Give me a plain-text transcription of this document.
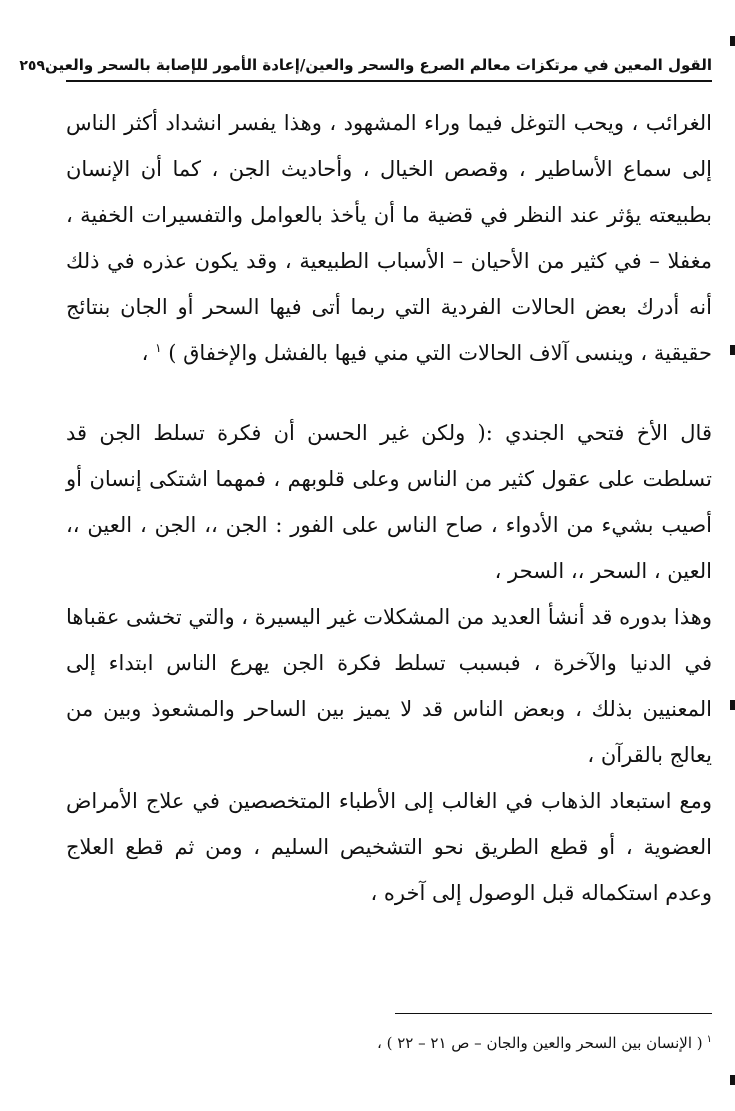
القول المعين في مرتكزات معالم الصرع والسحر والعين/إعادة الأمور للإصابة بالسحر والعين
٢٥٩

الغرائب ، ويحب التوغل فيما وراء المشهود ، وهذا يفسر انشداد أكثر الناس إلى سماع الأساطير ، وقصص الخيال ، وأحاديث الجن ، كما أن الإنسان بطبيعته يؤثر عند النظر في قضية ما أن يأخذ بالعوامل والتفسيرات الخفية ، مغفلا – في كثير من الأحيان – الأسباب الطبيعية ، وقد يكون عذره في ذلك أنه أدرك بعض الحالات الفردية التي ربما أتى فيها السحر أو الجان بنتائج حقيقية ، وينسى آلاف الحالات التي مني فيها بالفشل والإخفاق ) $^١$ ،

قال الأخ فتحي الجندي :( ولكن غير الحسن أن فكرة تسلط الجن قد تسلطت على عقول كثير من الناس وعلى قلوبهم ، فمهما اشتكى إنسان أو أصيب بشيء من الأدواء ، صاح الناس على الفور : الجن ،، الجن ، العين ،، العين ، السحر ،، السحر ،

وهذا بدوره قد أنشأ العديد من المشكلات غير اليسيرة ، والتي تخشى عقباها في الدنيا والآخرة ، فبسبب تسلط فكرة الجن يهرع الناس ابتداء إلى المعنيين بذلك ، وبعض الناس قد لا يميز بين الساحر والمشعوذ وبين من يعالج بالقرآن ،

ومع استبعاد الذهاب في الغالب إلى الأطباء المتخصصين في علاج الأمراض العضوية ، أو قطع الطريق نحو التشخيص السليم ، ومن ثم قطع العلاج وعدم استكماله قبل الوصول إلى آخره ،

$^١$( الإنسان بين السحر والعين والجان – ص ٢١ – ٢٢ ) ،
